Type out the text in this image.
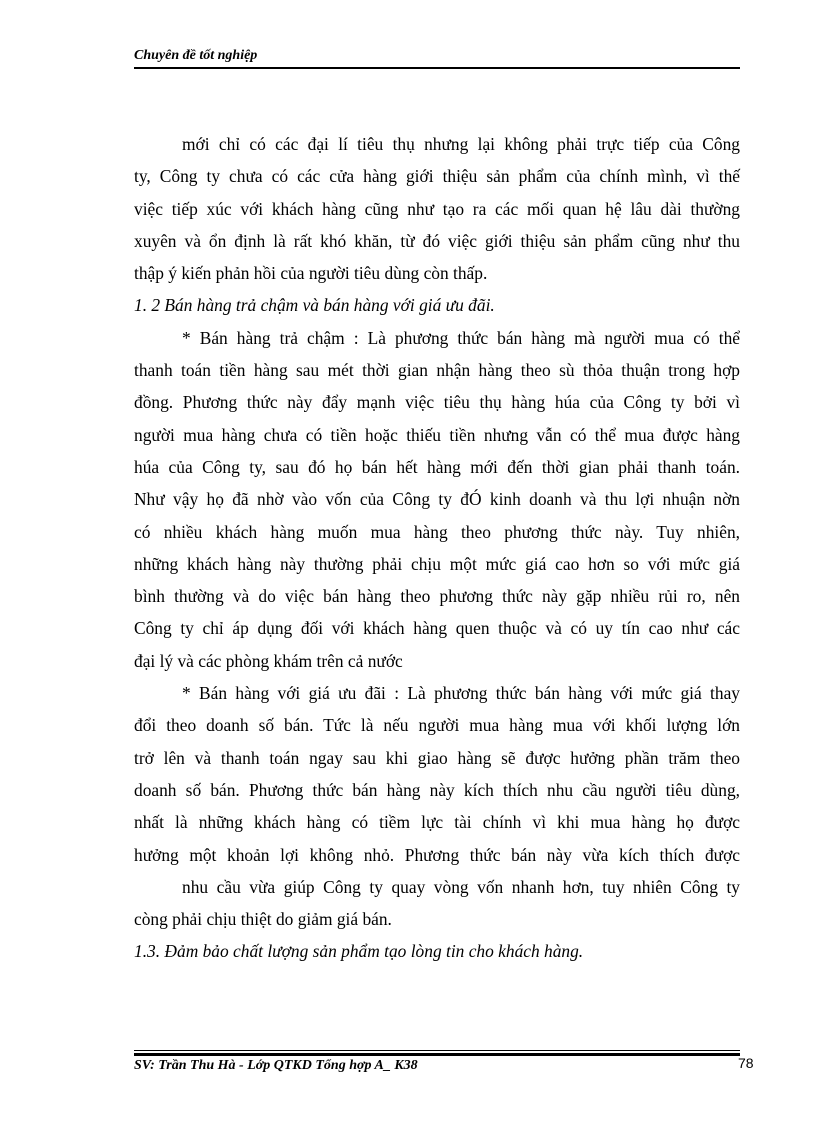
Chuyên đề tốt nghiệp
mới chỉ có các đại lí tiêu thụ nhưng lại không phải trực tiếp của Công
ty, Công ty chưa có các cửa hàng giới thiệu sản phẩm của chính mình, vì thế
việc tiếp xúc với khách hàng cũng như tạo ra các mối quan hệ lâu dài thường
xuyên và ổn định là rất khó khăn, từ đó việc giới thiệu sản phẩm cũng như thu
thập ý kiến phản hồi của người tiêu dùng còn thấp.
1. 2 Bán hàng trả chậm và bán hàng với giá ưu đãi.
* Bán hàng trả chậm : Là phương thức bán hàng mà người mua có thể
thanh toán tiền hàng sau mét thời gian nhận hàng theo sù thỏa thuận trong hợp
đồng. Phương thức này đẩy mạnh việc tiêu thụ hàng húa của Công ty bởi vì
người mua hàng chưa có tiền hoặc thiếu tiền nhưng vẫn có thể mua được hàng
húa của Công ty, sau đó họ bán hết hàng mới đến thời gian phải thanh toán.
Như vậy họ đã nhờ vào vốn của Công ty đÓ kinh doanh và thu lợi nhuận nờn
có nhiều khách hàng muốn mua hàng theo phương thức này. Tuy nhiên,
những khách hàng này thường phải chịu một mức giá cao hơn so với mức giá
bình thường và do việc bán hàng theo phương thức này gặp nhiều rủi ro, nên
Công ty chỉ áp dụng đối với khách hàng quen thuộc và có uy tín cao như các
đại lý và các phòng khám trên cả nước
* Bán hàng với giá ưu đãi : Là phương thức bán hàng với mức giá thay
đổi theo doanh số bán. Tức là nếu người mua hàng mua với khối lượng lớn
trở lên và thanh toán ngay sau khi giao hàng sẽ được hưởng phần trăm theo
doanh số bán. Phương thức bán hàng này kích thích nhu cầu người tiêu dùng,
nhất là những khách hàng có tiềm lực tài chính vì khi mua hàng họ được
hưởng một khoản lợi không nhỏ. Phương thức bán này vừa kích thích được
nhu cầu vừa giúp Công ty quay vòng vốn nhanh hơn, tuy nhiên Công ty
còng phải chịu thiệt do giảm giá bán.
1.3. Đảm bảo chất lượng sản phẩm tạo lòng tin cho khách hàng.
SV: Trần Thu Hà - Lớp QTKD Tổng hợp A_ K38	78
